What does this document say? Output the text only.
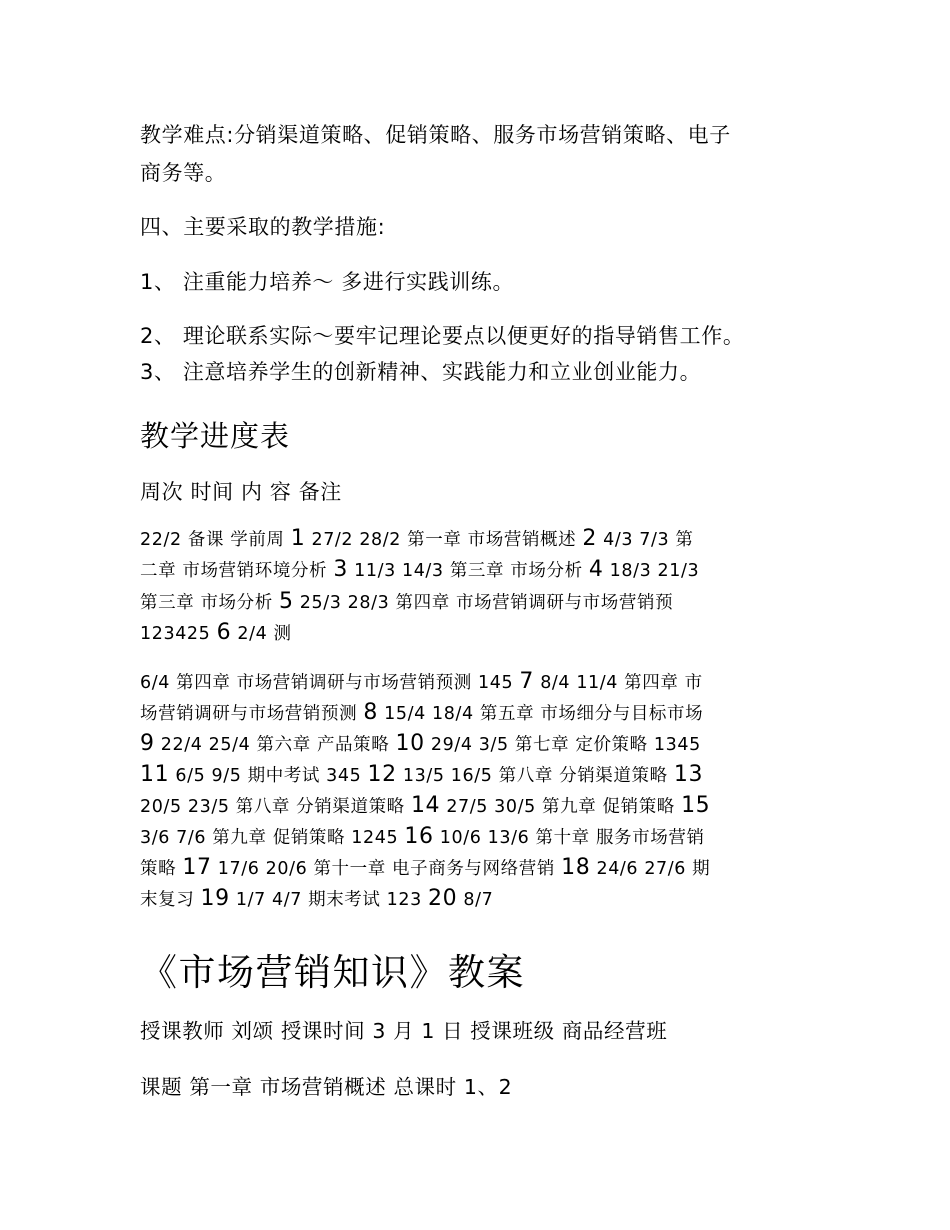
教学难点:分销渠道策略、促销策略、服务市场营销策略、电子
商务等。
四、主要采取的教学措施:
1、 注重能力培养～ 多进行实践训练。
2、 理论联系实际～要牢记理论要点以便更好的指导销售工作。
3、 注意培养学生的创新精神、实践能力和立业创业能力。
教学进度表
周次 时间 内 容 备注
22/2 备课 学前周 1 27/2 28/2 第一章 市场营销概述 2 4/3 7/3 第
二章 市场营销环境分析 3 11/3 14/3 第三章 市场分析 4 18/3 21/3
第三章 市场分析 5 25/3 28/3 第四章 市场营销调研与市场营销预
123425 6 2/4 测
6/4 第四章 市场营销调研与市场营销预测 145 7 8/4 11/4 第四章 市
场营销调研与市场营销预测 8 15/4 18/4 第五章 市场细分与目标市场
9 22/4 25/4 第六章 产品策略 10 29/4 3/5 第七章 定价策略 1345
11 6/5 9/5 期中考试 345 12 13/5 16/5 第八章 分销渠道策略 13
20/5 23/5 第八章 分销渠道策略 14 27/5 30/5 第九章 促销策略 15
3/6 7/6 第九章 促销策略 1245 16 10/6 13/6 第十章 服务市场营销
策略 17 17/6 20/6 第十一章 电子商务与网络营销 18 24/6 27/6 期
末复习 19 1/7 4/7 期末考试 123 20 8/7
《市场营销知识》教案
授课教师 刘颂 授课时间 3 月 1 日 授课班级 商品经营班
课题 第一章 市场营销概述 总课时 1、2
